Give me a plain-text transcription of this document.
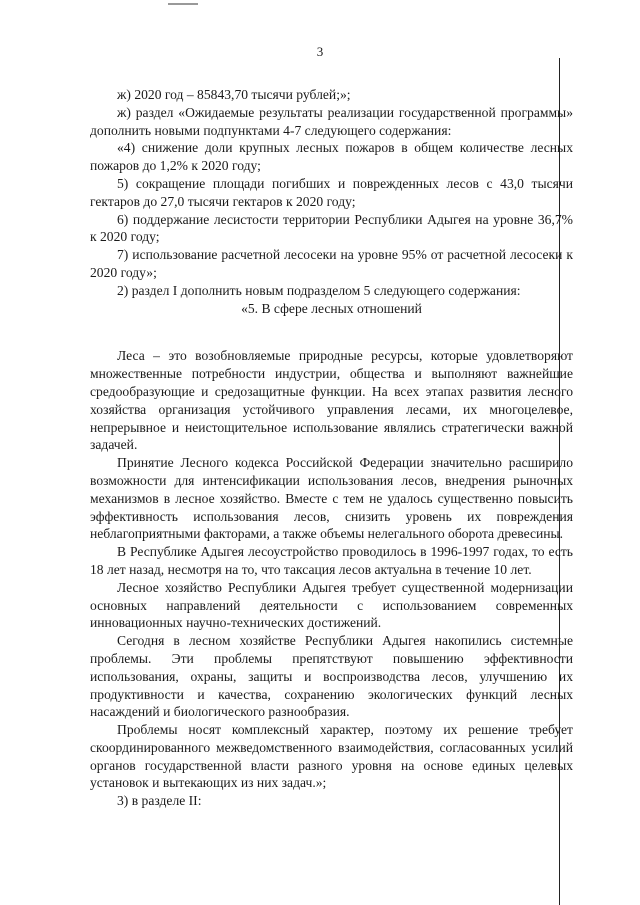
3

ж) 2020 год – 85843,70 тысячи рублей;»;

ж) раздел «Ожидаемые результаты реализации государственной программы» дополнить новыми подпунктами 4-7 следующего содержания:

«4) снижение доли крупных лесных пожаров в общем количестве лесных пожаров до 1,2% к 2020 году;

5) сокращение площади погибших и поврежденных лесов с 43,0 тысячи гектаров до 27,0 тысячи гектаров к 2020 году;

6) поддержание лесистости территории Республики Адыгея на уровне 36,7% к 2020 году;

7) использование расчетной лесосеки на уровне 95% от расчетной лесосеки к 2020 году»;

2) раздел I дополнить новым подразделом 5 следующего содержания:

«5. В сфере лесных отношений

Леса – это возобновляемые природные ресурсы, которые удовлетворяют множественные потребности индустрии, общества и выполняют важнейшие средообразующие и средозащитные функции. На всех этапах развития лесного хозяйства организация устойчивого управления лесами, их многоцелевое, непрерывное и неистощительное использование являлись стратегически важной задачей.

Принятие Лесного кодекса Российской Федерации значительно расширило возможности для интенсификации использования лесов, внедрения рыночных механизмов в лесное хозяйство. Вместе с тем не удалось существенно повысить эффективность использования лесов, снизить уровень их повреждения неблагоприятными факторами, а также объемы нелегального оборота древесины.

В Республике Адыгея лесоустройство проводилось в 1996-1997 годах, то есть 18 лет назад, несмотря на то, что таксация лесов актуальна в течение 10 лет.

Лесное хозяйство Республики Адыгея требует существенной модернизации основных направлений деятельности с использованием современных инновационных научно-технических достижений.

Сегодня в лесном хозяйстве Республики Адыгея накопились системные проблемы. Эти проблемы препятствуют повышению эффективности использования, охраны, защиты и воспроизводства лесов, улучшению их продуктивности и качества, сохранению экологических функций лесных насаждений и биологического разнообразия.

Проблемы носят комплексный характер, поэтому их решение требует скоординированного межведомственного взаимодействия, согласованных усилий органов государственной власти разного уровня на основе единых целевых установок и вытекающих из них задач.»;

3) в разделе II:
